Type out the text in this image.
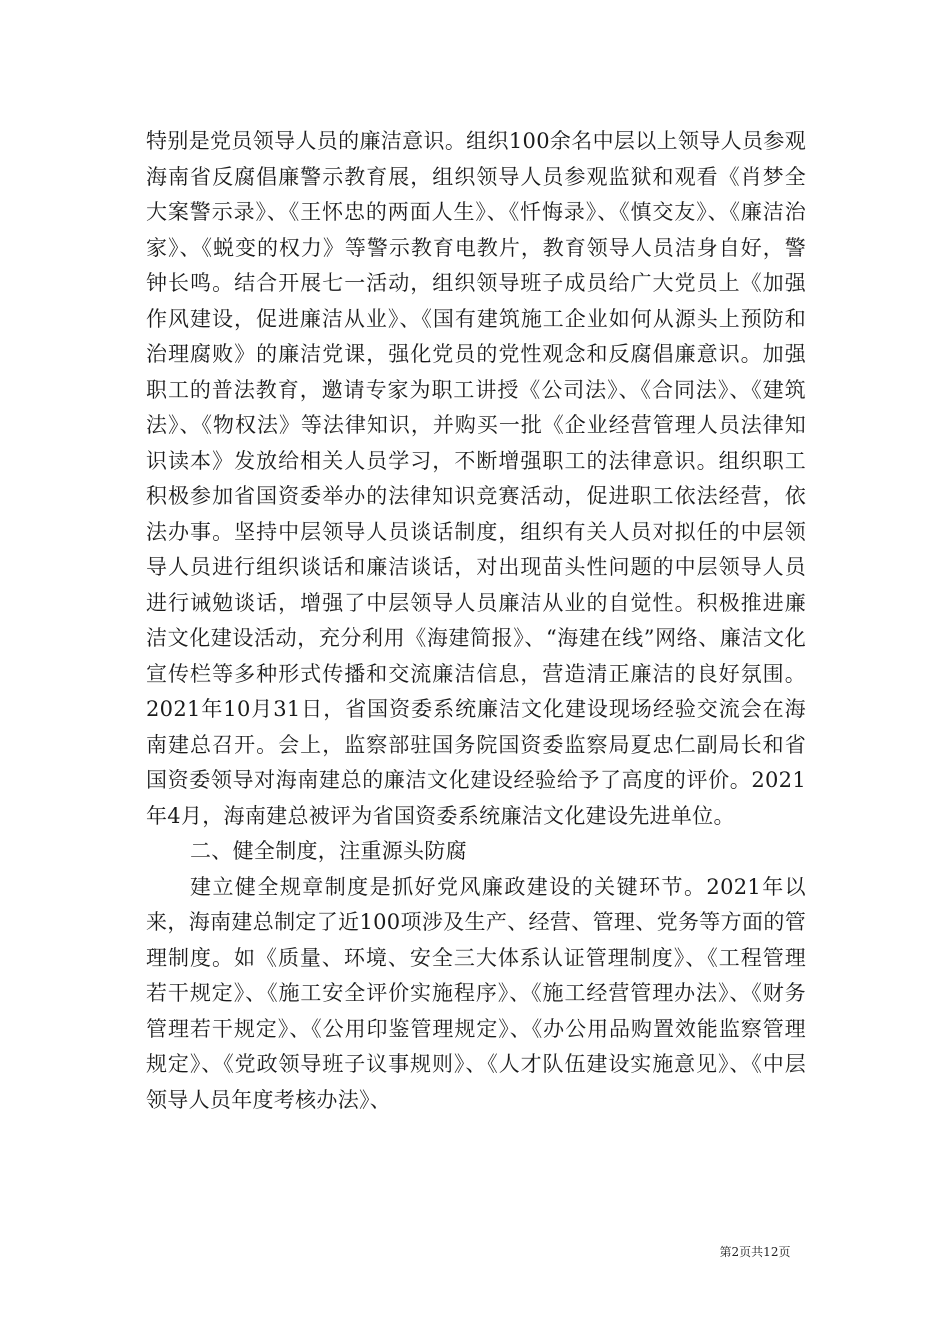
特别是党员领导人员的廉洁意识。组织100余名中层以上领导人员参观海南省反腐倡廉警示教育展，组织领导人员参观监狱和观看《肖梦全大案警示录》、《王怀忠的两面人生》、《忏悔录》、《慎交友》、《廉洁治家》、《蜕变的权力》等警示教育电教片，教育领导人员洁身自好，警钟长鸣。结合开展七一活动，组织领导班子成员给广大党员上《加强作风建设，促进廉洁从业》、《国有建筑施工企业如何从源头上预防和治理腐败》的廉洁党课，强化党员的党性观念和反腐倡廉意识。加强职工的普法教育，邀请专家为职工讲授《公司法》、《合同法》、《建筑法》、《物权法》等法律知识，并购买一批《企业经营管理人员法律知识读本》发放给相关人员学习，不断增强职工的法律意识。组织职工积极参加省国资委举办的法律知识竞赛活动，促进职工依法经营，依法办事。坚持中层领导人员谈话制度，组织有关人员对拟任的中层领导人员进行组织谈话和廉洁谈话，对出现苗头性问题的中层领导人员进行诫勉谈话，增强了中层领导人员廉洁从业的自觉性。积极推进廉洁文化建设活动，充分利用《海建简报》、“海建在线”网络、廉洁文化宣传栏等多种形式传播和交流廉洁信息，营造清正廉洁的良好氛围。2021年10月31日，省国资委系统廉洁文化建设现场经验交流会在海南建总召开。会上，监察部驻国务院国资委监察局夏忠仁副局长和省国资委领导对海南建总的廉洁文化建设经验给予了高度的评价。2021年4月，海南建总被评为省国资委系统廉洁文化建设先进单位。

二、健全制度，注重源头防腐

建立健全规章制度是抓好党风廉政建设的关键环节。2021年以来，海南建总制定了近100项涉及生产、经营、管理、党务等方面的管理制度。如《质量、环境、安全三大体系认证管理制度》、《工程管理若干规定》、《施工安全评价实施程序》、《施工经营管理办法》、《财务管理若干规定》、《公用印鉴管理规定》、《办公用品购置效能监察管理规定》、《党政领导班子议事规则》、《人才队伍建设实施意见》、《中层领导人员年度考核办法》、

第2页共12页
